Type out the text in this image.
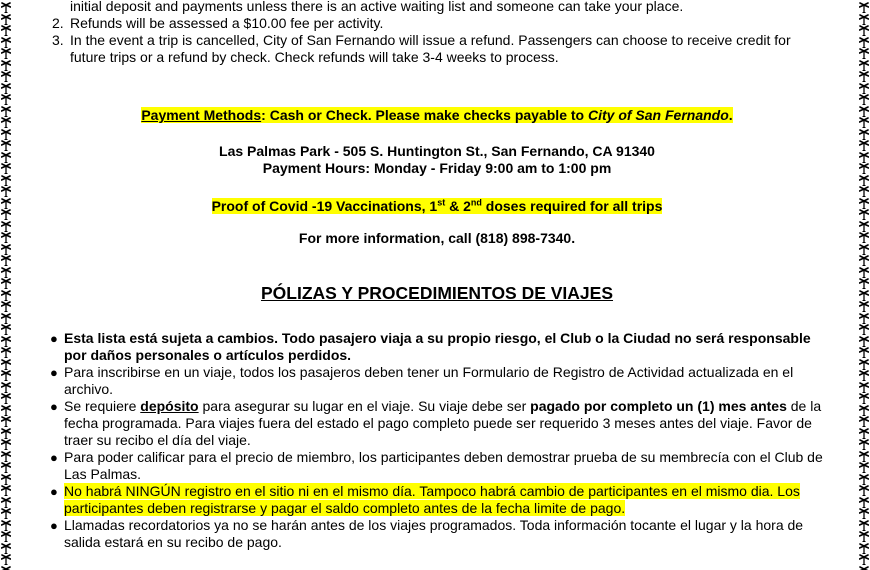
initial deposit and payments unless there is an active waiting list and someone can take your place.
2. Refunds will be assessed a $10.00 fee per activity.
3. In the event a trip is cancelled, City of San Fernando will issue a refund. Passengers can choose to receive credit for future trips or a refund by check. Check refunds will take 3-4 weeks to process.
Payment Methods: Cash or Check. Please make checks payable to City of San Fernando.
Las Palmas Park - 505 S. Huntington St., San Fernando, CA 91340
Payment Hours: Monday - Friday 9:00 am to 1:00 pm
Proof of Covid -19 Vaccinations, 1st & 2nd doses required for all trips
For more information, call (818) 898-7340.
PÓLIZAS Y PROCEDIMIENTOS DE VIAJES
● Esta lista está sujeta a cambios. Todo pasajero viaja a su propio riesgo, el Club o la Ciudad no será responsable por daños personales o artículos perdidos.
● Para inscribirse en un viaje, todos los pasajeros deben tener un Formulario de Registro de Actividad actualizada en el archivo.
● Se requiere depósito para asegurar su lugar en el viaje. Su viaje debe ser pagado por completo un (1) mes antes de la fecha programada. Para viajes fuera del estado el pago completo puede ser requerido 3 meses antes del viaje. Favor de traer su recibo el día del viaje.
● Para poder calificar para el precio de miembro, los participantes deben demostrar prueba de su membrecía con el Club de Las Palmas.
● No habrá NINGÚN registro en el sitio ni en el mismo día. Tampoco habrá cambio de participantes en el mismo dia. Los participantes deben registrarse y pagar el saldo completo antes de la fecha limite de pago.
● Llamadas recordatorios ya no se harán antes de los viajes programados. Toda información tocante el lugar y la hora de salida estará en su recibo de pago.
